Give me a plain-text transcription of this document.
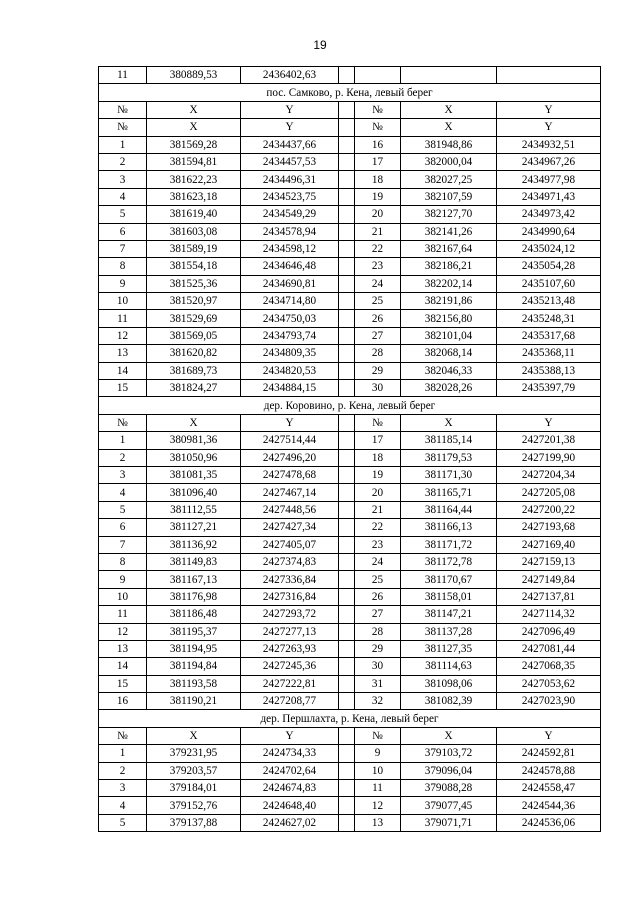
19
11	380889,53	2436402,63				
пос. Самково, р. Кена, левый берег						
№	X	Y		№	X	Y
№	X	Y		№	X	Y
1	381569,28	2434437,66		16	381948,86	2434932,51
2	381594,81	2434457,53		17	382000,04	2434967,26
3	381622,23	2434496,31		18	382027,25	2434977,98
4	381623,18	2434523,75		19	382107,59	2434971,43
5	381619,40	2434549,29		20	382127,70	2434973,42
6	381603,08	2434578,94		21	382141,26	2434990,64
7	381589,19	2434598,12		22	382167,64	2435024,12
8	381554,18	2434646,48		23	382186,21	2435054,28
9	381525,36	2434690,81		24	382202,14	2435107,60
10	381520,97	2434714,80		25	382191,86	2435213,48
11	381529,69	2434750,03		26	382156,80	2435248,31
12	381569,05	2434793,74		27	382101,04	2435317,68
13	381620,82	2434809,35		28	382068,14	2435368,11
14	381689,73	2434820,53		29	382046,33	2435388,13
15	381824,27	2434884,15		30	382028,26	2435397,79
дер. Коровино, р. Кена, левый берег						
№	X	Y		№	X	Y
1	380981,36	2427514,44		17	381185,14	2427201,38
2	381050,96	2427496,20		18	381179,53	2427199,90
3	381081,35	2427478,68		19	381171,30	2427204,34
4	381096,40	2427467,14		20	381165,71	2427205,08
5	381112,55	2427448,56		21	381164,44	2427200,22
6	381127,21	2427427,34		22	381166,13	2427193,68
7	381136,92	2427405,07		23	381171,72	2427169,40
8	381149,83	2427374,83		24	381172,78	2427159,13
9	381167,13	2427336,84		25	381170,67	2427149,84
10	381176,98	2427316,84		26	381158,01	2427137,81
11	381186,48	2427293,72		27	381147,21	2427114,32
12	381195,37	2427277,13		28	381137,28	2427096,49
13	381194,95	2427263,93		29	381127,35	2427081,44
14	381194,84	2427245,36		30	381114,63	2427068,35
15	381193,58	2427222,81		31	381098,06	2427053,62
16	381190,21	2427208,77		32	381082,39	2427023,90
дер. Першлахта, р. Кена, левый берег						
№	X	Y		№	X	Y
1	379231,95	2424734,33		9	379103,72	2424592,81
2	379203,57	2424702,64		10	379096,04	2424578,88
3	379184,01	2424674,83		11	379088,28	2424558,47
4	379152,76	2424648,40		12	379077,45	2424544,36
5	379137,88	2424627,02		13	379071,71	2424536,06
